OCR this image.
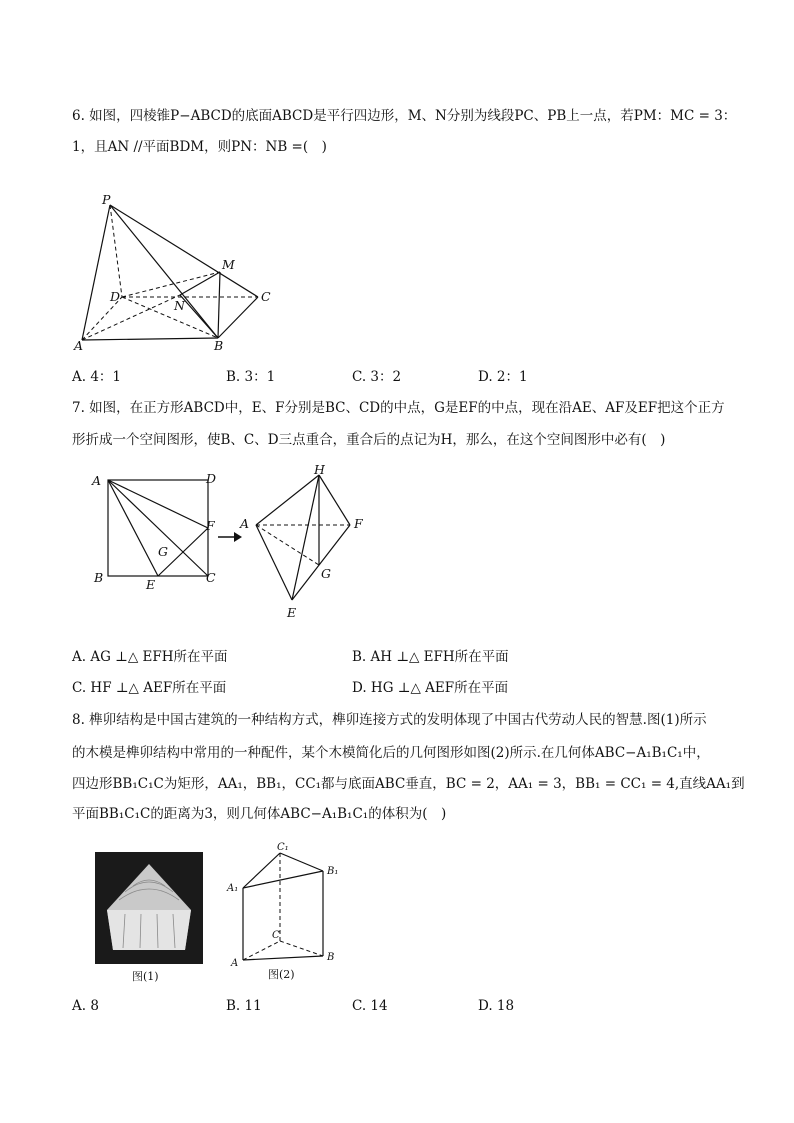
6. 如图，四棱锥P−ABCD的底面ABCD是平行四边形，M、N分别为线段PC、PB上一点，若PM：MC = 3：
1，且AN //平面BDM，则PN：NB =(　)
P
M
D	C
N
A	B
A. 4：1	B. 3：1	C. 3：2	D. 2：1
7. 如图，在正方形ABCD中，E、F分别是BC、CD的中点，G是EF的中点，现在沿AE、AF及EF把这个正方
形折成一个空间图形，使B、C、D三点重合，重合后的点记为H，那么，在这个空间图形中必有(　)
A	D
F
G
B	E	C
H
A	F
G
E
A. AG ⊥△ EFH所在平面	B. AH ⊥△ EFH所在平面
C. HF ⊥△ AEF所在平面	D. HG ⊥△ AEF所在平面
8. 榫卯结构是中国古建筑的一种结构方式，榫卯连接方式的发明体现了中国古代劳动人民的智慧.图(1)所示
的木模是榫卯结构中常用的一种配件，某个木模简化后的几何图形如图(2)所示.在几何体ABC−A₁B₁C₁中，
四边形BB₁C₁C为矩形，AA₁，BB₁，CC₁都与底面ABC垂直，BC = 2，AA₁ = 3，BB₁ = CC₁ = 4,直线AA₁到
平面BB₁C₁C的距离为3，则几何体ABC−A₁B₁C₁的体积为(　)
图(1)
C₁
B₁
A₁
C
A
B
图(2)
A. 8	B. 11	C. 14	D. 18
